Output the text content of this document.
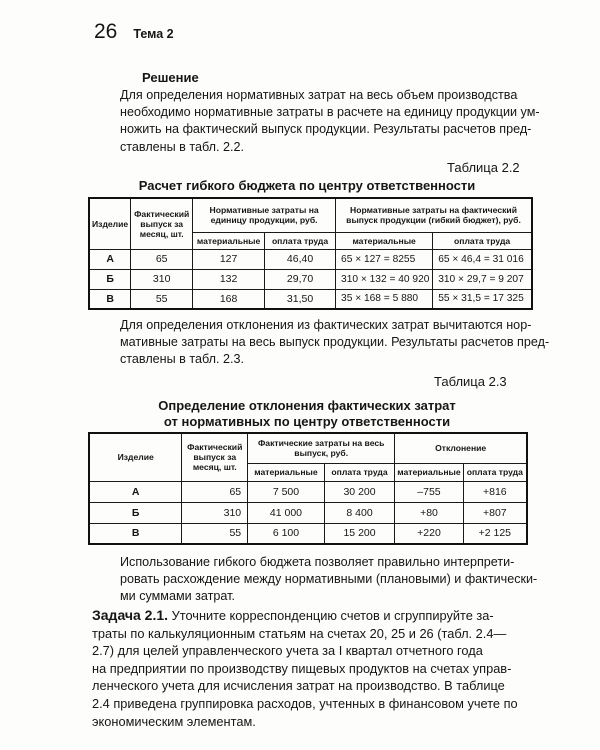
26 Тема 2
Решение
Для определения нормативных затрат на весь объем производства
необходимо нормативные затраты в расчете на единицу продукции ум-
ножить на фактический выпуск продукции. Результаты расчетов пред-
ставлены в табл. 2.2.
Таблица 2.2
Расчет гибкого бюджета по центру ответственности
Изделие	Фактический выпуск за месяц, шт.	Нормативные затраты на единицу продукции, руб.		Нормативные затраты на фактический выпуск продукции (гибкий бюджет), руб.	
		материальные	оплата труда	материальные	оплата труда
А	65	127	46,40	65 × 127 = 8255	65 × 46,4 = 31 016
Б	310	132	29,70	310 × 132 = 40 920	310 × 29,7 = 9 207
В	55	168	31,50	35 × 168 = 5 880	55 × 31,5 = 17 325
Для определения отклонения из фактических затрат вычитаются нор-
мативные затраты на весь выпуск продукции. Результаты расчетов пред-
ставлены в табл. 2.3.
Таблица 2.3
Определение отклонения фактических затрат
от нормативных по центру ответственности
Изделие	Фактический выпуск за месяц, шт.	Фактические затраты на весь выпуск, руб.		Отклонение	
		материальные	оплата труда	материальные	оплата труда
А	65	7 500	30 200	–755	+816
Б	310	41 000	8 400	+80	+807
В	55	6 100	15 200	+220	+2 125
Использование гибкого бюджета позволяет правильно интерпрети-
ровать расхождение между нормативными (плановыми) и фактически-
ми суммами затрат.
Задача 2.1. Уточните корреспонденцию счетов и сгруппируйте за-
траты по калькуляционным статьям на счетах 20, 25 и 26 (табл. 2.4—
2.7) для целей управленческого учета за I квартал отчетного года
на предприятии по производству пищевых продуктов на счетах управ-
ленческого учета для исчисления затрат на производство. В таблице
2.4 приведена группировка расходов, учтенных в финансовом учете по
экономическим элементам.
